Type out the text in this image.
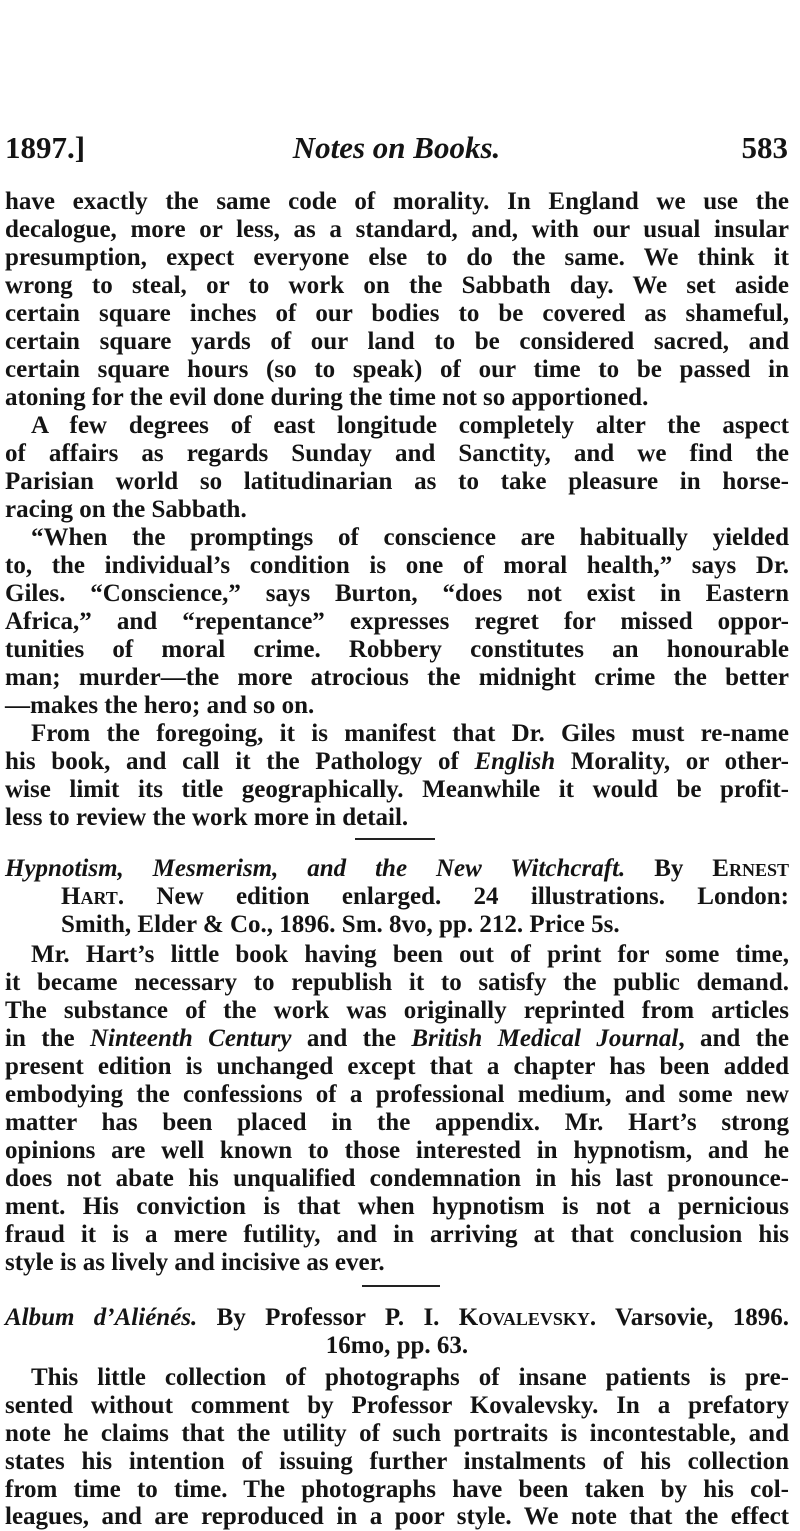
1897.]	Notes on Books.	583
have exactly the same code of morality. In England we use the
decalogue, more or less, as a standard, and, with our usual insular
presumption, expect everyone else to do the same. We think it
wrong to steal, or to work on the Sabbath day. We set aside
certain square inches of our bodies to be covered as shameful,
certain square yards of our land to be considered sacred, and
certain square hours (so to speak) of our time to be passed in
atoning for the evil done during the time not so apportioned.
A few degrees of east longitude completely alter the aspect
of affairs as regards Sunday and Sanctity, and we find the
Parisian world so latitudinarian as to take pleasure in horse-
racing on the Sabbath.
“When the promptings of conscience are habitually yielded
to, the individual’s condition is one of moral health,” says Dr.
Giles. “Conscience,” says Burton, “does not exist in Eastern
Africa,” and “repentance” expresses regret for missed oppor-
tunities of moral crime. Robbery constitutes an honourable
man; murder—the more atrocious the midnight crime the better
—makes the hero; and so on.
From the foregoing, it is manifest that Dr. Giles must re-name
his book, and call it the Pathology of English Morality, or other-
wise limit its title geographically. Meanwhile it would be profit-
less to review the work more in detail.
Hypnotism, Mesmerism, and the New Witchcraft. By Ernest
Hart. New edition enlarged. 24 illustrations. London:
Smith, Elder & Co., 1896. Sm. 8vo, pp. 212. Price 5s.
Mr. Hart’s little book having been out of print for some time,
it became necessary to republish it to satisfy the public demand.
The substance of the work was originally reprinted from articles
in the Ninteenth Century and the British Medical Journal, and the
present edition is unchanged except that a chapter has been added
embodying the confessions of a professional medium, and some new
matter has been placed in the appendix. Mr. Hart’s strong
opinions are well known to those interested in hypnotism, and he
does not abate his unqualified condemnation in his last pronounce-
ment. His conviction is that when hypnotism is not a pernicious
fraud it is a mere futility, and in arriving at that conclusion his
style is as lively and incisive as ever.
Album d’Aliénés. By Professor P. I. Kovalevsky. Varsovie, 1896.
16mo, pp. 63.
This little collection of photographs of insane patients is pre-
sented without comment by Professor Kovalevsky. In a prefatory
note he claims that the utility of such portraits is incontestable, and
states his intention of issuing further instalments of his collection
from time to time. The photographs have been taken by his col-
leagues, and are reproduced in a poor style. We note that the effect
